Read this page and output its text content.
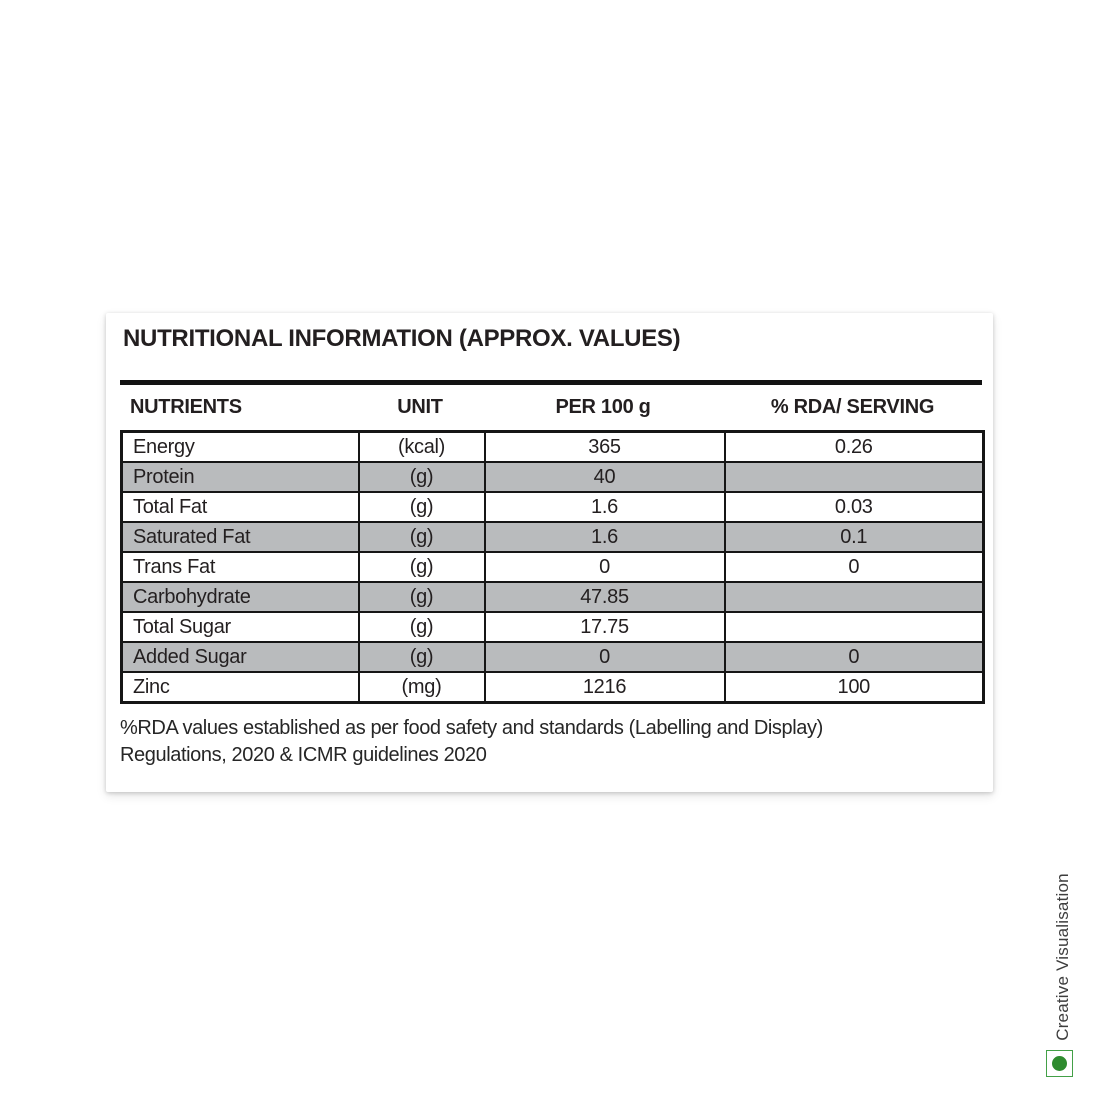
NUTRITIONAL INFORMATION (APPROX. VALUES)
NUTRIENTS	UNIT	PER 100 g	% RDA/ SERVING
Energy	(kcal)	365	0.26
Protein	(g)	40	
Total Fat	(g)	1.6	0.03
Saturated Fat	(g)	1.6	0.1
Trans Fat	(g)	0	0
Carbohydrate	(g)	47.85	
Total Sugar	(g)	17.75	
Added Sugar	(g)	0	0
Zinc	(mg)	1216	100
%RDA values established as per food safety and standards (Labelling and Display)
Regulations, 2020 & ICMR guidelines 2020
Creative Visualisation
